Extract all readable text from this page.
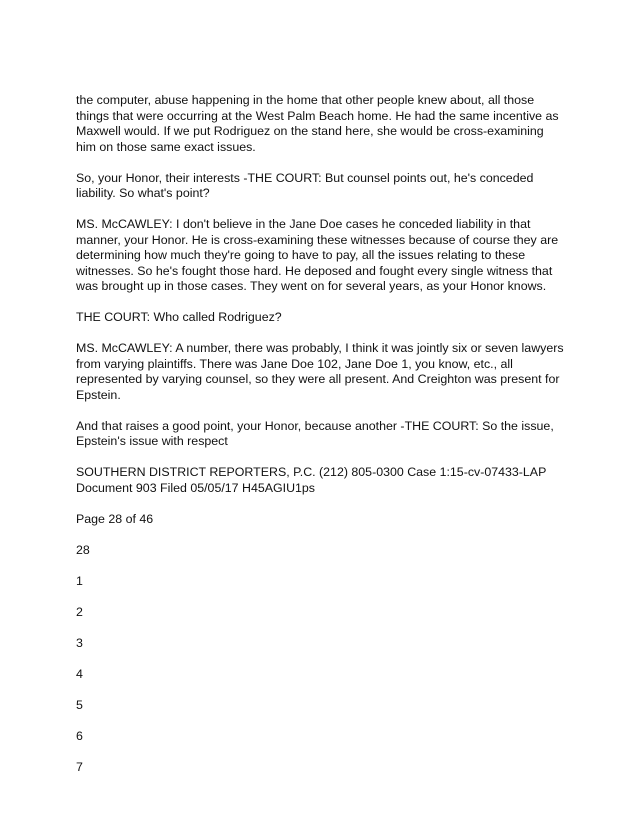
the computer, abuse happening in the home that other people knew about, all those things that were occurring at the West Palm Beach home. He had the same incentive as Maxwell would. If we put Rodriguez on the stand here, she would be cross-examining him on those same exact issues.

So, your Honor, their interests -THE COURT: But counsel points out, he's conceded liability. So what's point?

MS. McCAWLEY: I don't believe in the Jane Doe cases he conceded liability in that manner, your Honor. He is cross-examining these witnesses because of course they are determining how much they're going to have to pay, all the issues relating to these witnesses. So he's fought those hard. He deposed and fought every single witness that was brought up in those cases. They went on for several years, as your Honor knows.

THE COURT: Who called Rodriguez?

MS. McCAWLEY: A number, there was probably, I think it was jointly six or seven lawyers from varying plaintiffs. There was Jane Doe 102, Jane Doe 1, you know, etc., all represented by varying counsel, so they were all present. And Creighton was present for Epstein.

And that raises a good point, your Honor, because another -THE COURT: So the issue, Epstein's issue with respect

SOUTHERN DISTRICT REPORTERS, P.C. (212) 805-0300 Case 1:15-cv-07433-LAP Document 903 Filed 05/05/17 H45AGIU1ps

Page 28 of 46

28

1

2

3

4

5

6

7
